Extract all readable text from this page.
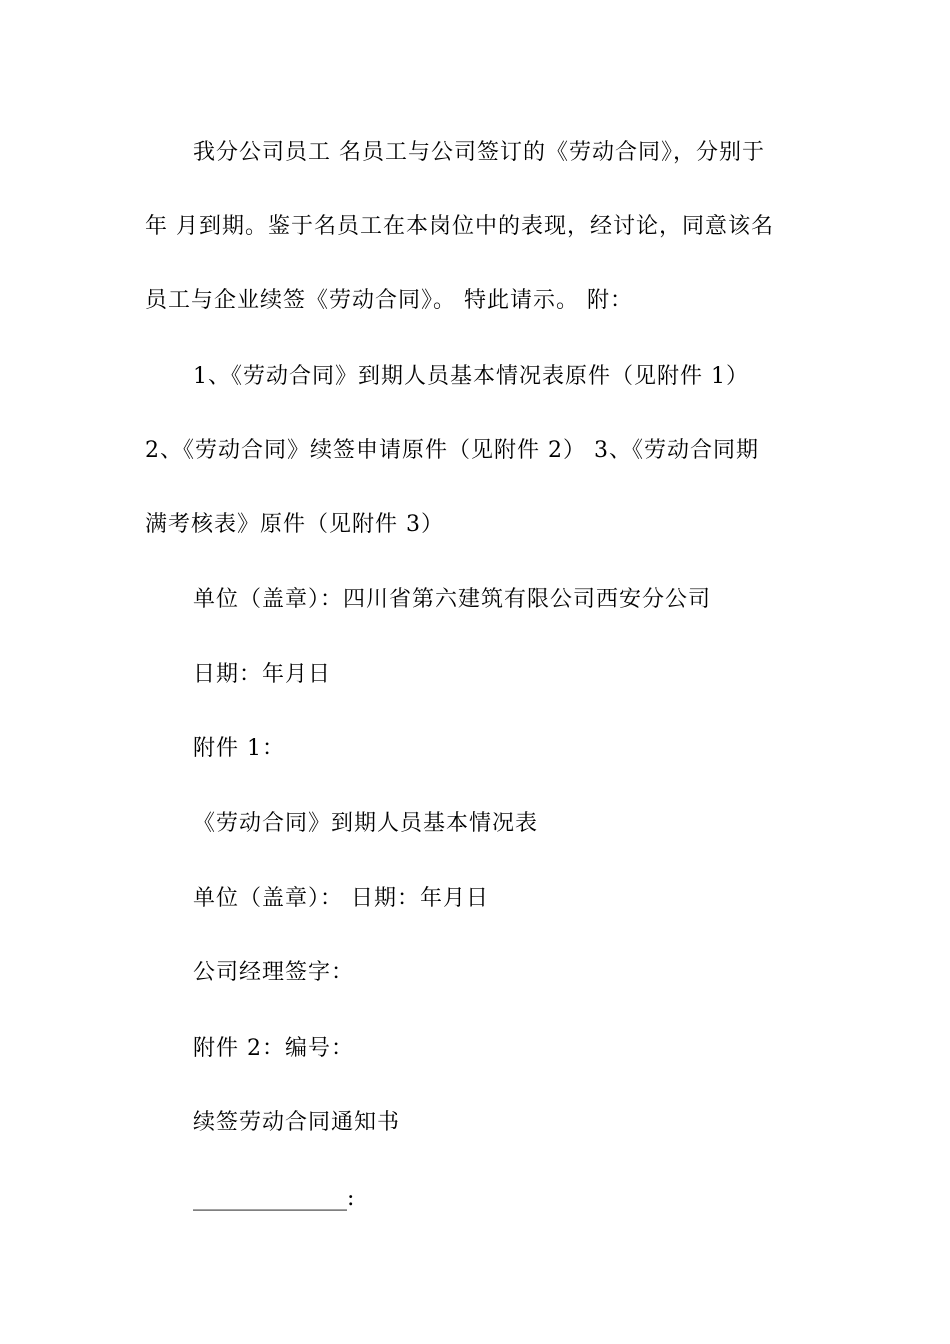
我分公司员工 名员工与公司签订的《劳动合同》，分别于
年 月到期。鉴于名员工在本岗位中的表现，经讨论，同意该名
员工与企业续签《劳动合同》。 特此请示。 附：
1、《劳动合同》到期人员基本情况表原件（见附件 1）
2、《劳动合同》续签申请原件（见附件 2） 3、《劳动合同期
满考核表》原件（见附件 3）
单位（盖章）：四川省第六建筑有限公司西安分公司
日期：年月日
附件 1：
《劳动合同》到期人员基本情况表
单位（盖章）： 日期：年月日
公司经理签字：
附件 2：编号：
续签劳动合同通知书
______________:
